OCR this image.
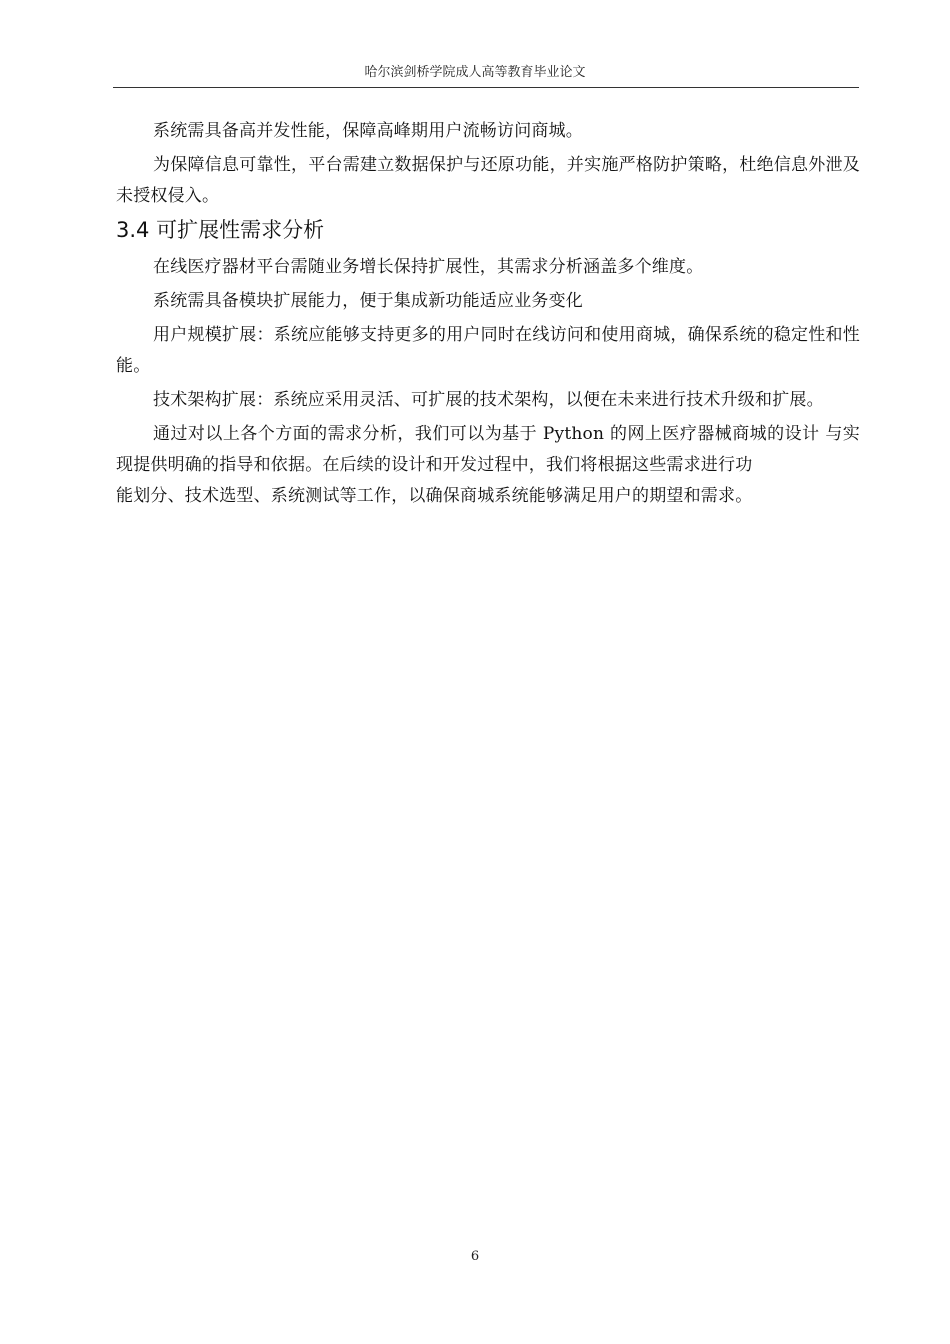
哈尔滨剑桥学院成人高等教育毕业论文

系统需具备高并发性能，保障高峰期用户流畅访问商城。

为保障信息可靠性，平台需建立数据保护与还原功能，并实施严格防护策略，杜绝信息外泄及未授权侵入。

3.4 可扩展性需求分析

在线医疗器材平台需随业务增长保持扩展性，其需求分析涵盖多个维度。

系统需具备模块扩展能力，便于集成新功能适应业务变化

用户规模扩展：系统应能够支持更多的用户同时在线访问和使用商城，确保系统的稳定性和性能。

技术架构扩展：系统应采用灵活、可扩展的技术架构，以便在未来进行技术升级和扩展。

通过对以上各个方面的需求分析，我们可以为基于 Python 的网上医疗器械商城的设计 与实现提供明确的指导和依据。在后续的设计和开发过程中，我们将根据这些需求进行功

能划分、技术选型、系统测试等工作，以确保商城系统能够满足用户的期望和需求。

6
